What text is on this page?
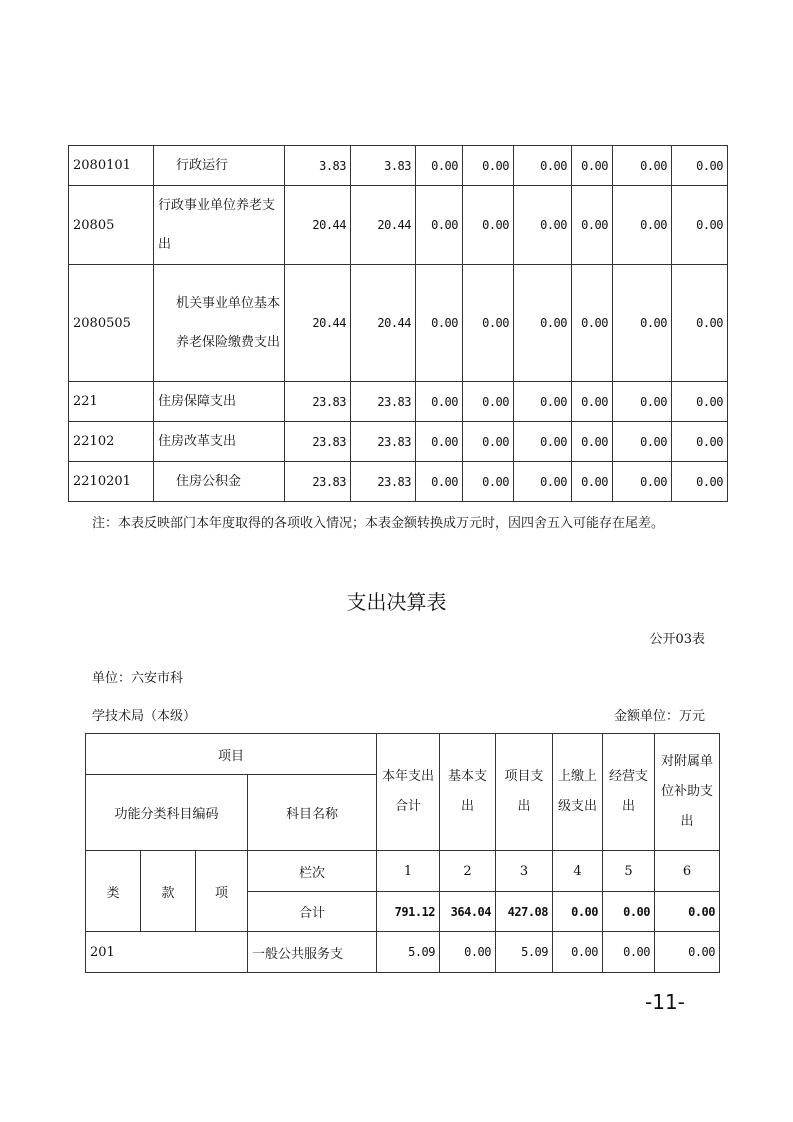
2080101	行政运行	3.83	3.83	0.00	0.00	0.00	0.00	0.00	0.00
20805	行政事业单位养老支出	20.44	20.44	0.00	0.00	0.00	0.00	0.00	0.00
2080505	机关事业单位基本养老保险缴费支出	20.44	20.44	0.00	0.00	0.00	0.00	0.00	0.00
221	住房保障支出	23.83	23.83	0.00	0.00	0.00	0.00	0.00	0.00
22102	住房改革支出	23.83	23.83	0.00	0.00	0.00	0.00	0.00	0.00
2210201	住房公积金	23.83	23.83	0.00	0.00	0.00	0.00	0.00	0.00
注：本表反映部门本年度取得的各项收入情况；本表金额转换成万元时，因四舍五入可能存在尾差。
支出决算表
公开03表
单位：六安市科
学技术局（本级）	金额单位：万元
项目				本年支出合计	基本支出	项目支出	上缴上级支出	经营支出	对附属单位补助支出
功能分类科目编码			科目名称						
类	款	项	栏次	1	2	3	4	5	6
			合计	791.12	364.04	427.08	0.00	0.00	0.00
201			一般公共服务支	5.09	0.00	5.09	0.00	0.00	0.00
-11-
